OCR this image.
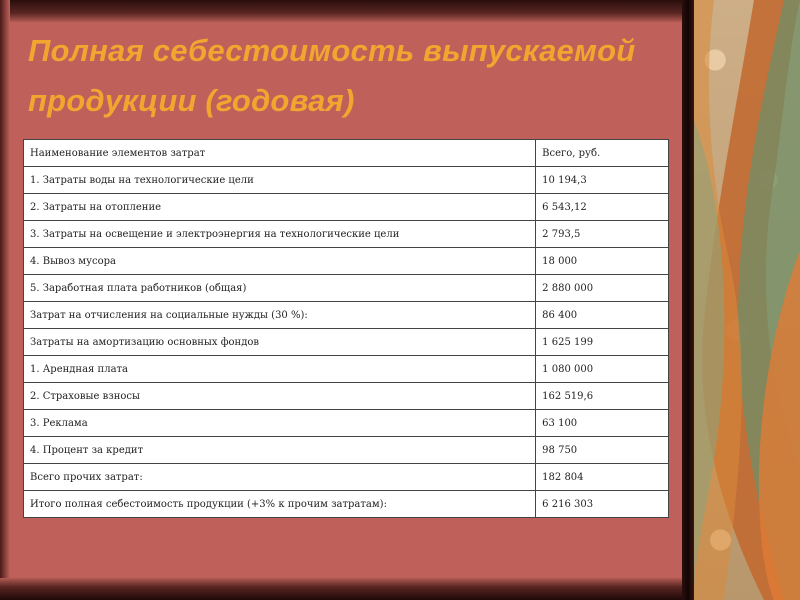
Полная себестоимость выпускаемой продукции (годовая)
Наименование элементов затрат	Всего, руб.
1. Затраты воды на технологические цели	10 194,3
2. Затраты на отопление	6 543,12
3. Затраты на освещение и электроэнергия на технологические цели	2 793,5
4. Вывоз мусора	18 000
5. Заработная плата работников (общая)	2 880 000
Затрат на отчисления на социальные нужды (30 %):	86 400
Затраты на амортизацию основных фондов	1 625 199
1. Арендная плата	1 080 000
2. Страховые взносы	162 519,6
3. Реклама	63 100
4. Процент за кредит	98 750
Всего прочих затрат:	182 804
Итого полная себестоимость продукции (+3% к прочим затратам):	6 216 303
